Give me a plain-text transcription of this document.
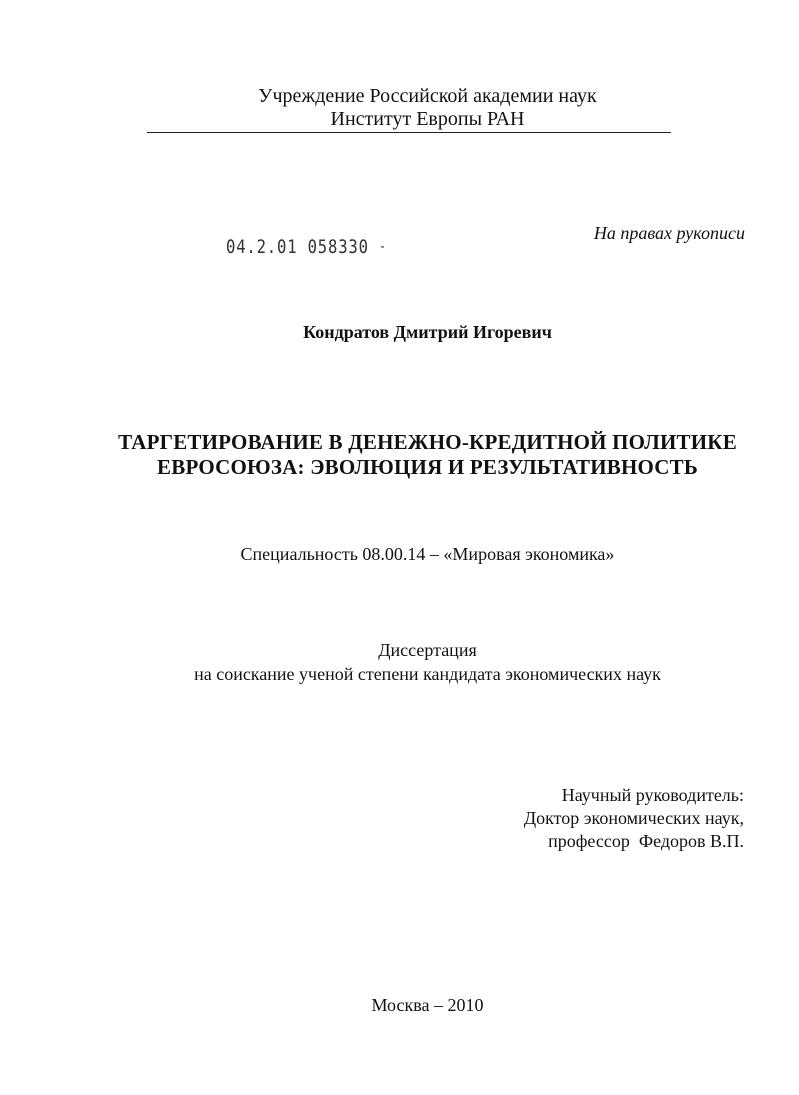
Учреждение Российской академии наук
Институт Европы РАН
04.2.01 058330 -
На правах рукописи
Кондратов Дмитрий Игоревич
ТАРГЕТИРОВАНИЕ В ДЕНЕЖНО-КРЕДИТНОЙ ПОЛИТИКЕ
ЕВРОСОЮЗА: ЭВОЛЮЦИЯ И РЕЗУЛЬТАТИВНОСТЬ
Специальность 08.00.14 – «Мировая экономика»
Диссертация
на соискание ученой степени кандидата экономических наук
Научный руководитель:
Доктор экономических наук,
профессор  Федоров В.П.
Москва – 2010
